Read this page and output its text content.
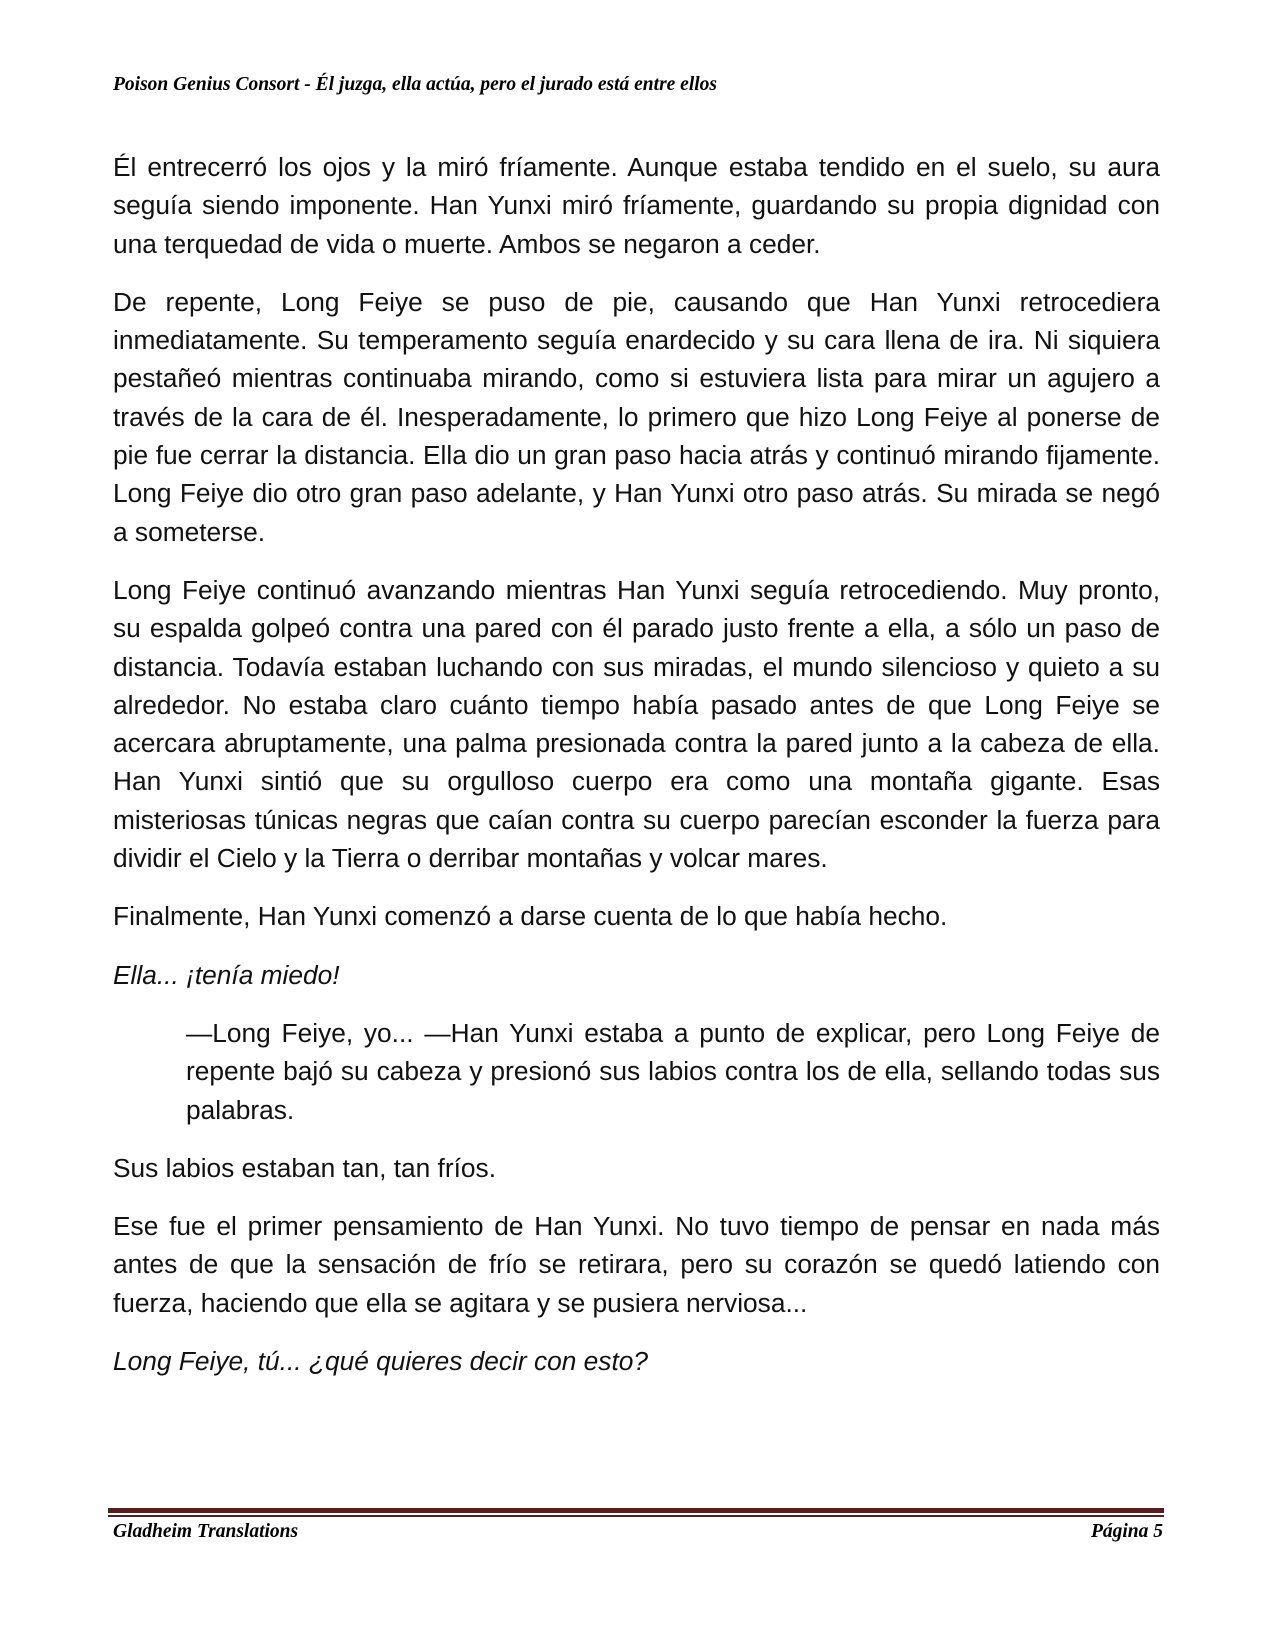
Poison Genius Consort - Él juzga, ella actúa, pero el jurado está entre ellos

Él entrecerró los ojos y la miró fríamente. Aunque estaba tendido en el suelo, su aura seguía siendo imponente. Han Yunxi miró fríamente, guardando su propia dignidad con una terquedad de vida o muerte. Ambos se negaron a ceder.

De repente, Long Feiye se puso de pie, causando que Han Yunxi retrocediera inmediatamente. Su temperamento seguía enardecido y su cara llena de ira. Ni siquiera pestañeó mientras continuaba mirando, como si estuviera lista para mirar un agujero a través de la cara de él. Inesperadamente, lo primero que hizo Long Feiye al ponerse de pie fue cerrar la distancia. Ella dio un gran paso hacia atrás y continuó mirando fijamente. Long Feiye dio otro gran paso adelante, y Han Yunxi otro paso atrás. Su mirada se negó a someterse.

Long Feiye continuó avanzando mientras Han Yunxi seguía retrocediendo. Muy pronto, su espalda golpeó contra una pared con él parado justo frente a ella, a sólo un paso de distancia. Todavía estaban luchando con sus miradas, el mundo silencioso y quieto a su alrededor. No estaba claro cuánto tiempo había pasado antes de que Long Feiye se acercara abruptamente, una palma presionada contra la pared junto a la cabeza de ella. Han Yunxi sintió que su orgulloso cuerpo era como una montaña gigante. Esas misteriosas túnicas negras que caían contra su cuerpo parecían esconder la fuerza para dividir el Cielo y la Tierra o derribar montañas y volcar mares.

Finalmente, Han Yunxi comenzó a darse cuenta de lo que había hecho.

Ella... ¡tenía miedo!

—Long Feiye, yo... —Han Yunxi estaba a punto de explicar, pero Long Feiye de repente bajó su cabeza y presionó sus labios contra los de ella, sellando todas sus palabras.

Sus labios estaban tan, tan fríos.

Ese fue el primer pensamiento de Han Yunxi. No tuvo tiempo de pensar en nada más antes de que la sensación de frío se retirara, pero su corazón se quedó latiendo con fuerza, haciendo que ella se agitara y se pusiera nerviosa...

Long Feiye, tú... ¿qué quieres decir con esto?

Gladheim Translations	Página 5
